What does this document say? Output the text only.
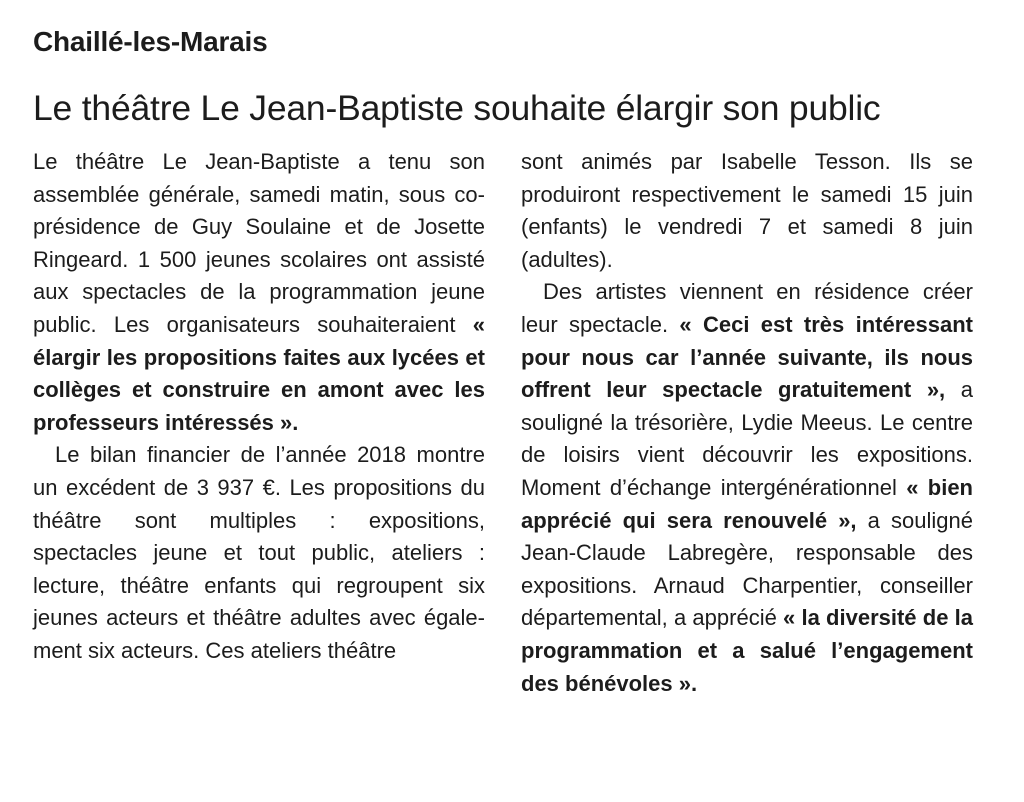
Chaillé-les-Marais
Le théâtre Le Jean-Baptiste souhaite élargir son public

Le théâtre Le Jean-Baptiste a tenu son assemblée générale, samedi matin, sous co-présidence de Guy Soulaine et de Josette Ringeard. 1 500 jeunes scolaires ont assisté aux spectacles de la programmation jeune public. Les organisateurs souhaiteraient « élargir les propositions faites aux lycées et collèges et construire en amont avec les professeurs intéressés ».

Le bilan financier de l’année 2018 montre un excédent de 3 937 €. Les propositions du théâtre sont multiples : expositions, spectacles jeune et tout public, ateliers : lecture, théâtre enfants qui regroupent six jeunes acteurs et théâtre adultes avec également six acteurs. Ces ateliers théâtre

sont animés par Isabelle Tesson. Ils se produiront respectivement le samedi 15 juin (enfants) le vendredi 7 et samedi 8 juin (adultes).

Des artistes viennent en résidence créer leur spectacle. « Ceci est très intéressant pour nous car l’année suivante, ils nous offrent leur spectacle gratuitement », a souligné la trésorière, Lydie Meeus. Le centre de loisirs vient découvrir les expositions. Moment d’échange intergénérationnel « bien apprécié qui sera renouvelé », a souligné Jean-Claude Labregère, responsable des expositions. Arnaud Charpentier, conseiller départemental, a apprécié « la diversité de la programmation et a salué l’engagement des bénévoles ».
